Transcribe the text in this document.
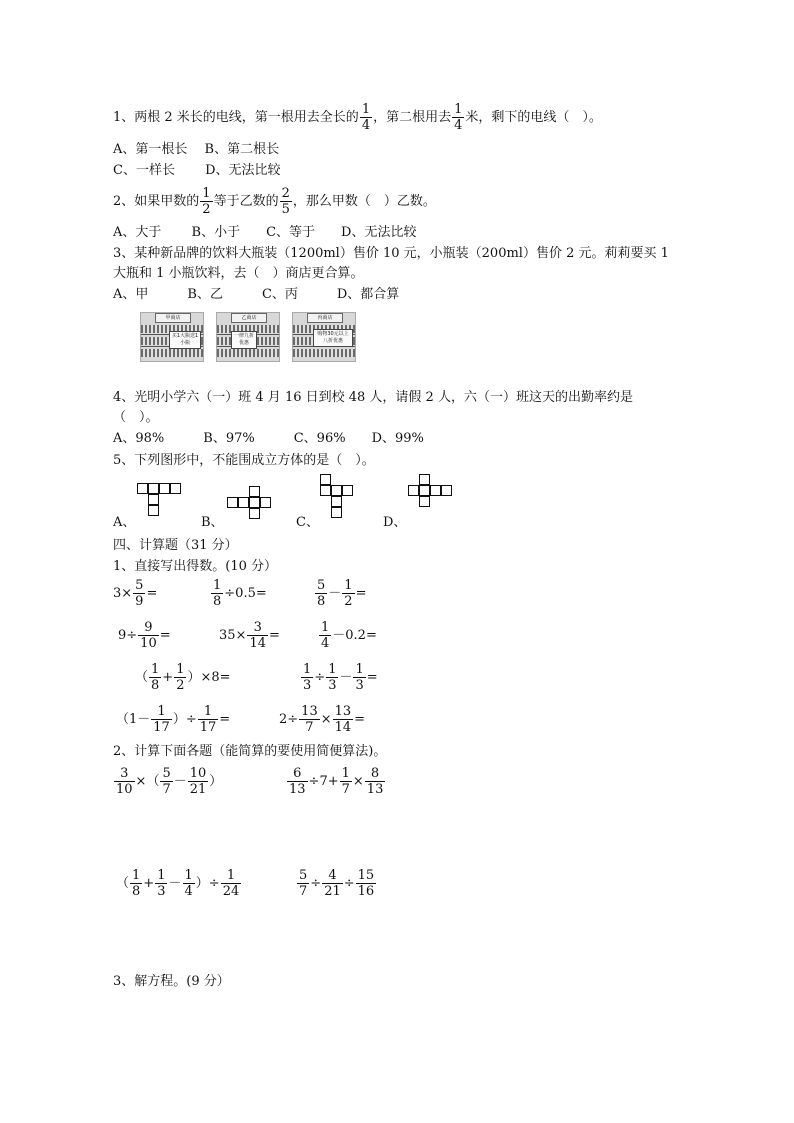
1、两根 2 米长的电线，第一根用去全长的 $\frac{1}{4}$ ，第二根用去 $\frac{1}{4}$ 米，剩下的电线（　）。
A、第一根长　 B、第二根长
C、一样长　　 D、无法比较
2、如果甲数的 $\frac{1}{2}$ 等于乙数的 $\frac{2}{5}$ ，那么甲数（　）乙数。
A、大于　　 B、小于　　C、等于　　D、无法比较
3、某种新品牌的饮料大瓶装（1200ml）售价 10 元，小瓶装（200ml）售价 2 元。莉莉要买 1
大瓶和 1 小瓶饮料，去（　）商店更合算。
A、甲　　　B、乙　　　C、丙　　　D、都合算
甲商店
买1大瓶送1小瓶
乙商店
一律九折优惠
丙商店
购物30元以上八折优惠
4、光明小学六（一）班 4 月 16 日到校 48 人，请假 2 人，六（一）班这天的出勤率约是
（　）。
A、98%　　　B、97%　　　C、96%　　D、99%
5、下列图形中，不能围成立方体的是（　）。
A、	B、	C、	D、
四、计算题（31 分）
1、直接写出得数。(10 分）
$3\times \frac{5}{9}$ =	$\frac{1}{8} \div 0.5=$	$\frac{5}{8} - \frac{1}{2}$ =
$9\div \frac{9}{10}$ =	$35\times \frac{3}{14}$ =	$\frac{1}{4} -0.2=$
（ $\frac{1}{8} + \frac{1}{2} )\times 8=$	$\frac{1}{3} \div \frac{1}{3} - \frac{1}{3}$ =
（$1- \frac{1}{17}$ ）÷ $\frac{1}{17}$ =	$2\div \frac{13}{7} \times \frac{13}{14}$ =
2、计算下面各题（能简算的要使用简便算法)。
$\frac{3}{10}$ ×（ $\frac{5}{7} - \frac{10}{21}$ ）	$\frac{6}{13} \div 7+ \frac{1}{7} \times \frac{8}{13}$
（ $\frac{1}{8} + \frac{1}{3} - \frac{1}{4}$ ）÷ $\frac{1}{24}$	$\frac{5}{7} \div \frac{4}{21} \div \frac{15}{16}$
3、解方程。(9 分）
